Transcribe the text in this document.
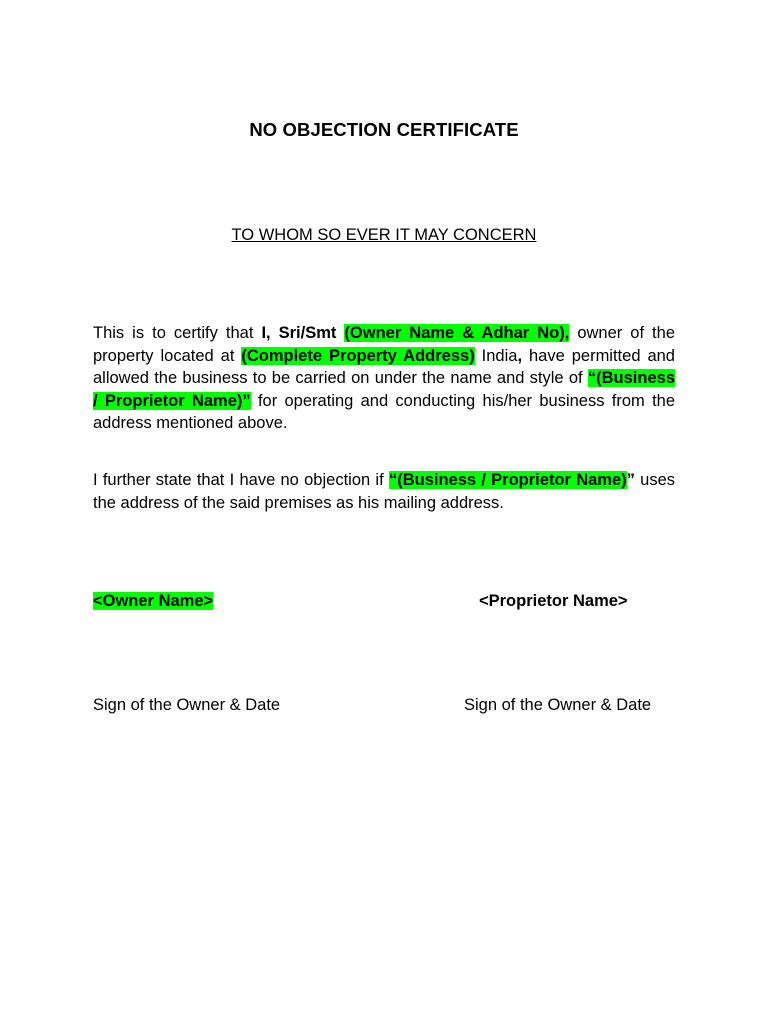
NO OBJECTION CERTIFICATE
TO WHOM SO EVER IT MAY CONCERN
This is to certify that I, Sri/Smt (Owner Name & Adhar No), owner of the property located at (Complete Property Address) India, have permitted and allowed the business to be carried on under the name and style of “(Business / Proprietor Name)” for operating and conducting his/her business from the address mentioned above.
I further state that I have no objection if “(Business / Proprietor Name)” uses the address of the said premises as his mailing address.
<Owner Name>	<Proprietor Name>
Sign of the Owner & Date	Sign of the Owner & Date
